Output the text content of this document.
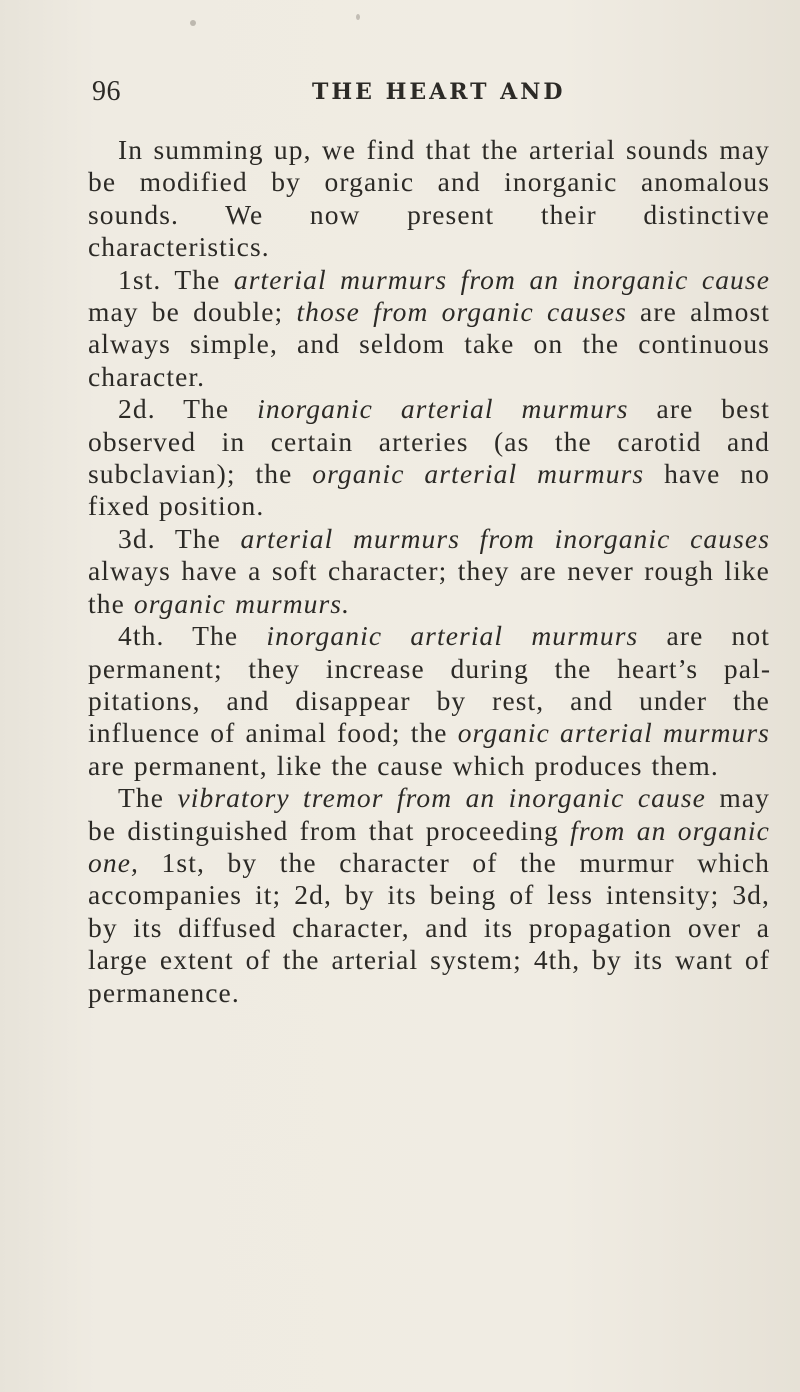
96	THE HEART AND

In summing up, we find that the arterial sounds may be modified by organic and inorganic anomalous sounds. We now present their distinctive characteristics.

1st. The arterial murmurs from an inorganic cause may be double; those from organic causes are almost always simple, and seldom take on the continuous character.

2d. The inorganic arterial murmurs are best observed in certain arteries (as the carotid and subclavian); the organic arterial murmurs have no fixed position.

3d. The arterial murmurs from inorganic causes always have a soft character; they are never rough like the organic murmurs.

4th. The inorganic arterial murmurs are not permanent; they increase during the heart’s palpitations, and disappear by rest, and under the influence of animal food; the organic arterial murmurs are permanent, like the cause which produces them.

The vibratory tremor from an inorganic cause may be distinguished from that proceeding from an organic one, 1st, by the character of the murmur which accompanies it; 2d, by its being of less intensity; 3d, by its diffused character, and its propagation over a large extent of the arterial system; 4th, by its want of permanence.
